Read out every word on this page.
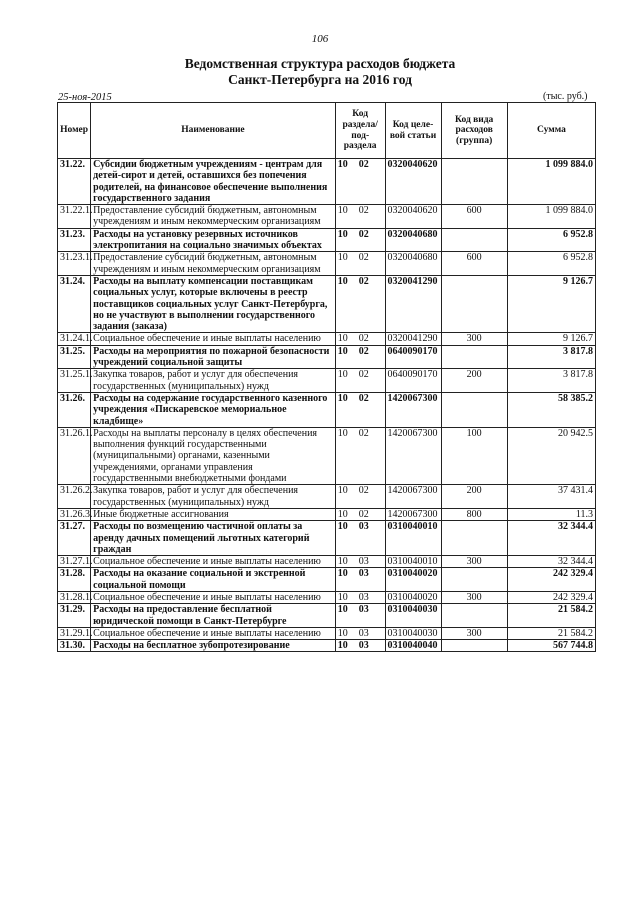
106
Ведомственная структура расходов бюджета
Санкт-Петербурга на 2016 год
25-ноя-2015	(тыс. руб.)
Номер	Наименование	Код раздела/ под- раздела	Код целе- вой статьи	Код вида расходов (группа)	Сумма
31.22.	Субсидии бюджетным учреждениям - центрам для детей-сирот и детей, оставшихся без попечения родителей, на финансовое обеспечение выполнения государственного задания	10 02	0320040620		1 099 884.0
31.22.1.	Предоставление субсидий бюджетным, автономным учреждениям и иным некоммерческим организациям	10 02	0320040620	600	1 099 884.0
31.23.	Расходы на установку резервных источников электропитания на социально значимых объектах	10 02	0320040680		6 952.8
31.23.1.	Предоставление субсидий бюджетным, автономным учреждениям и иным некоммерческим организациям	10 02	0320040680	600	6 952.8
31.24.	Расходы на выплату компенсации поставщикам социальных услуг, которые включены в реестр поставщиков социальных услуг Санкт-Петербурга, но не участвуют в выполнении государственного задания (заказа)	10 02	0320041290		9 126.7
31.24.1.	Социальное обеспечение и иные выплаты населению	10 02	0320041290	300	9 126.7
31.25.	Расходы на мероприятия по пожарной безопасности учреждений социальной защиты	10 02	0640090170		3 817.8
31.25.1.	Закупка товаров, работ и услуг для обеспечения государственных (муниципальных) нужд	10 02	0640090170	200	3 817.8
31.26.	Расходы на содержание государственного казенного учреждения «Пискаревское мемориальное кладбище»	10 02	1420067300		58 385.2
31.26.1.	Расходы на выплаты персоналу в целях обеспечения выполнения функций государственными (муниципальными) органами, казенными учреждениями, органами управления государственными внебюджетными фондами	10 02	1420067300	100	20 942.5
31.26.2.	Закупка товаров, работ и услуг для обеспечения государственных (муниципальных) нужд	10 02	1420067300	200	37 431.4
31.26.3.	Иные бюджетные ассигнования	10 02	1420067300	800	11.3
31.27.	Расходы по возмещению частичной оплаты за аренду дачных помещений льготных категорий граждан	10 03	0310040010		32 344.4
31.27.1.	Социальное обеспечение и иные выплаты населению	10 03	0310040010	300	32 344.4
31.28.	Расходы на оказание социальной и экстренной социальной помощи	10 03	0310040020		242 329.4
31.28.1.	Социальное обеспечение и иные выплаты населению	10 03	0310040020	300	242 329.4
31.29.	Расходы на предоставление бесплатной юридической помощи в Санкт-Петербурге	10 03	0310040030		21 584.2
31.29.1.	Социальное обеспечение и иные выплаты населению	10 03	0310040030	300	21 584.2
31.30.	Расходы на бесплатное зубопротезирование	10 03	0310040040		567 744.8
